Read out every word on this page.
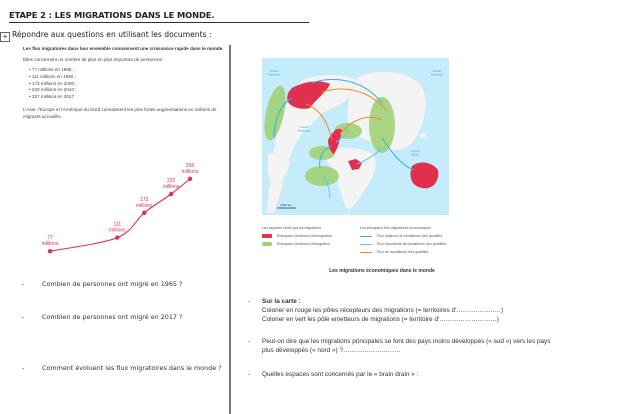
ETAPE 2 : LES MIGRATIONS DANS LE MONDE.
+ Répondre aux questions en utilisant les documents :

Les flux migratoires dans leur ensemble connaissent une croissance rapide dans le monde.

Elles concernent un nombre de plus en plus important de personnes :

• 77 millions en 1965 ;
• 111 millions en 1990 ;
• 173 millions en 2000 ;
• 220 millions en 2010 ;
• 257 millions en 2017.

L'Asie, l'Europe et l'Amérique du Nord connaissent les plus fortes augmentations en millions de migrants accueillis.

77
millions
111
millions
173
millions
220
millions
258
millions
-	Combien de personnes ont migré en 1965 ?
-	Combien de personnes ont migré en 2017 ?
-	Comment évoluent les flux migratoires dans le monde ?
Océan Pacifique
Océan Atlantique
Océan Pacifique
Océan Indien
2000 km
Les espaces reliés par les migrations
Principaux territoires d'immigration
Principaux territoires d'émigration
Les principaux flux migratoires économiques
Flux majeurs de travailleurs peu qualifiés
Flux importants de travailleurs peu qualifiés
Flux de travailleurs très qualifiés
Les migrations économiques dans le monde
- Sur la carte :
Colorier en rouge les pôles récepteurs des migrations (= territoires d'…………………)
Colorier en vert les pôle emetteurs de migrations (= territoire d'………………………)
- Peut-on dire que les migrations principales se font des pays moins développés (« sud ») vers les pays plus développés (« nord ») ?………………………
- Quelles espaces sont concernés par le « brain drain » :
